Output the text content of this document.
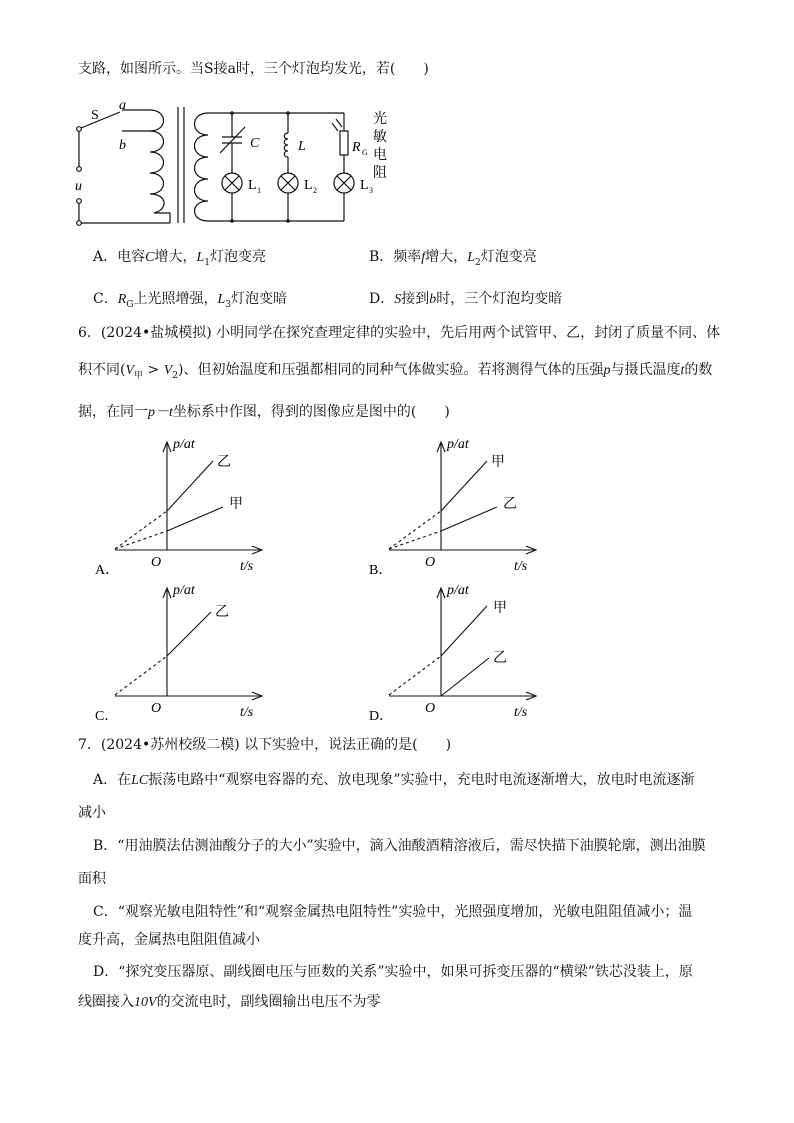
支路，如图所示。当S接a时，三个灯泡均发光，若(　　)
S
a
b
u
C	L	R G
L 1	L 2	L 3
光
敏
电
阻
A．电容C增大，$L_1$灯泡变亮	B．频率f增大，$L_2$灯泡变亮
C．$R_G$上光照增强，$L_3$灯泡变暗	D．S接到b时，三个灯泡均变暗
6．(2024•盐城模拟) 小明同学在探究查理定律的实验中，先后用两个试管甲、乙，封闭了质量不同、体
积不同$(V_甲 > V_2)$、但初始温度和压强都相同的同种气体做实验。若将测得气体的压强p与摄氏温度t的数
据，在同一p－t坐标系中作图，得到的图像应是图中的(　　)
p/at
t/s
O
乙
甲
A．
p/at
t/s
O
甲
乙
B．
p/at
t/s
O
乙
C．
p/at
t/s
O
甲
乙
D．
7．(2024•苏州校级二模) 以下实验中，说法正确的是(　　)
A．在LC振荡电路中“观察电容器的充、放电现象”实验中，充电时电流逐渐增大，放电时电流逐渐
减小
B．“用油膜法估测油酸分子的大小”实验中，滴入油酸酒精溶液后，需尽快描下油膜轮廓，测出油膜
面积
C．“观察光敏电阻特性”和“观察金属热电阻特性”实验中，光照强度增加，光敏电阻阻值减小；温
度升高，金属热电阻阻值减小
D．“探究变压器原、副线圈电压与匝数的关系”实验中，如果可拆变压器的“横梁”铁芯没装上，原
线圈接入10V的交流电时，副线圈输出电压不为零
